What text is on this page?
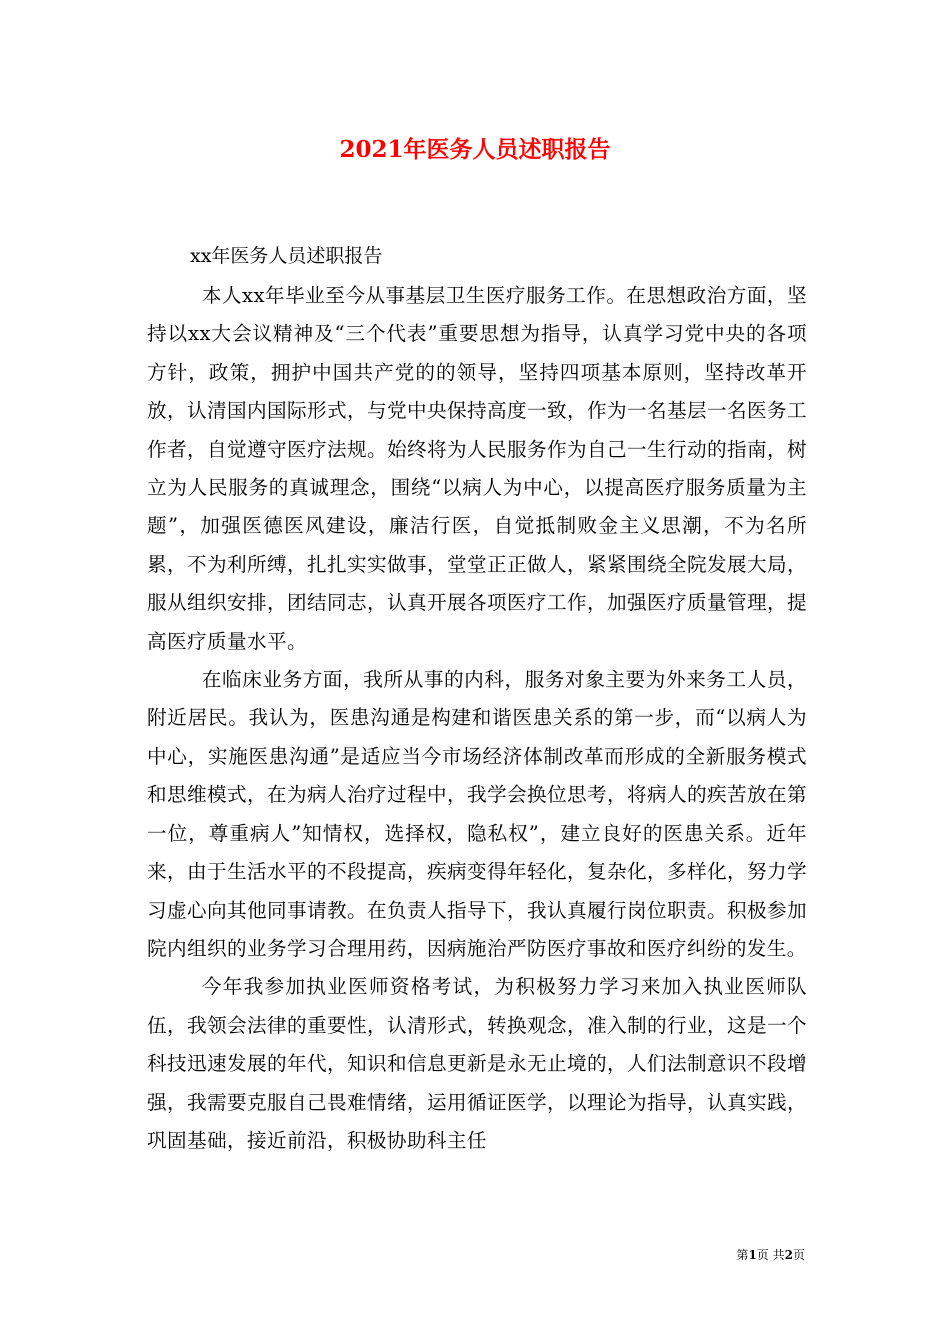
2021年医务人员述职报告
xx年医务人员述职报告

本人xx年毕业至今从事基层卫生医疗服务工作。在思想政治方面，坚持以xx大会议精神及“三个代表”重要思想为指导，认真学习党中央的各项方针，政策，拥护中国共产党的的领导，坚持四项基本原则，坚持改革开放，认清国内国际形式，与党中央保持高度一致，作为一名基层一名医务工作者，自觉遵守医疗法规。始终将为人民服务作为自己一生行动的指南，树立为人民服务的真诚理念，围绕“以病人为中心，以提高医疗服务质量为主题”，加强医德医风建设，廉洁行医，自觉抵制败金主义思潮，不为名所累，不为利所缚，扎扎实实做事，堂堂正正做人，紧紧围绕全院发展大局，服从组织安排，团结同志，认真开展各项医疗工作，加强医疗质量管理，提高医疗质量水平。

在临床业务方面，我所从事的内科，服务对象主要为外来务工人员，附近居民。我认为，医患沟通是构建和谐医患关系的第一步，而“以病人为中心，实施医患沟通”是适应当今市场经济体制改革而形成的全新服务模式和思维模式，在为病人治疗过程中，我学会换位思考，将病人的疾苦放在第一位，尊重病人”知情权，选择权，隐私权”，建立良好的医患关系。近年来，由于生活水平的不段提高，疾病变得年轻化，复杂化，多样化，努力学习虚心向其他同事请教。在负责人指导下，我认真履行岗位职责。积极参加院内组织的业务学习合理用药，因病施治严防医疗事故和医疗纠纷的发生。

今年我参加执业医师资格考试，为积极努力学习来加入执业医师队伍，我领会法律的重要性，认清形式，转换观念，准入制的行业，这是一个科技迅速发展的年代，知识和信息更新是永无止境的，人们法制意识不段增强，我需要克服自己畏难情绪，运用循证医学，以理论为指导，认真实践，巩固基础，接近前沿，积极协助科主任

第1页 共2页
